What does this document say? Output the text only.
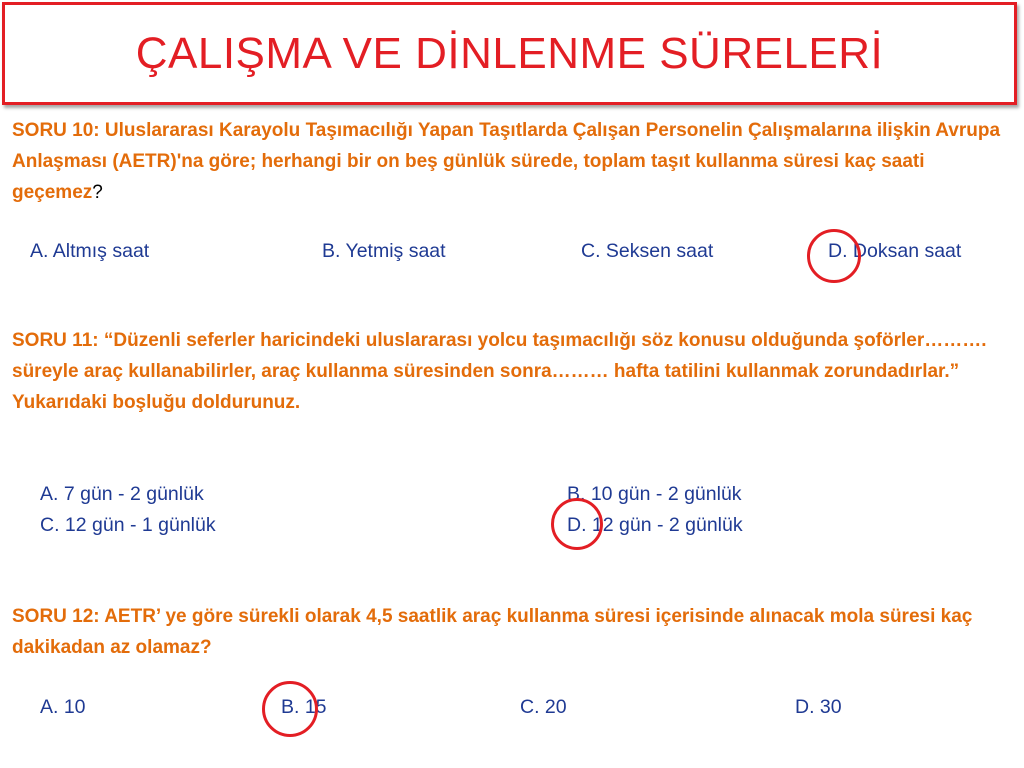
ÇALIŞMA VE DİNLENME SÜRELERİ
SORU 10: Uluslararası Karayolu Taşımacılığı Yapan Taşıtlarda Çalışan Personelin Çalışmalarına ilişkin Avrupa Anlaşması (AETR)'na göre; herhangi bir on beş günlük sürede, toplam taşıt kullanma süresi kaç saati geçemez?
A. Altmış saat	B. Yetmiş saat	C. Seksen saat	D. Doksan saat
SORU 11: “Düzenli seferler haricindeki uluslararası yolcu taşımacılığı söz konusu olduğunda şoförler………. süreyle araç kullanabilirler, araç kullanma süresinden sonra……… hafta tatilini kullanmak zorundadırlar.”
Yukarıdaki boşluğu doldurunuz.
A. 7 gün - 2 günlük	B. 10 gün - 2 günlük
C. 12 gün - 1 günlük	D. 12 gün - 2 günlük
SORU 12: AETR’ ye göre sürekli olarak 4,5 saatlik araç kullanma süresi içerisinde alınacak mola süresi kaç dakikadan az olamaz?
A. 10	B. 15	C. 20	D. 30
